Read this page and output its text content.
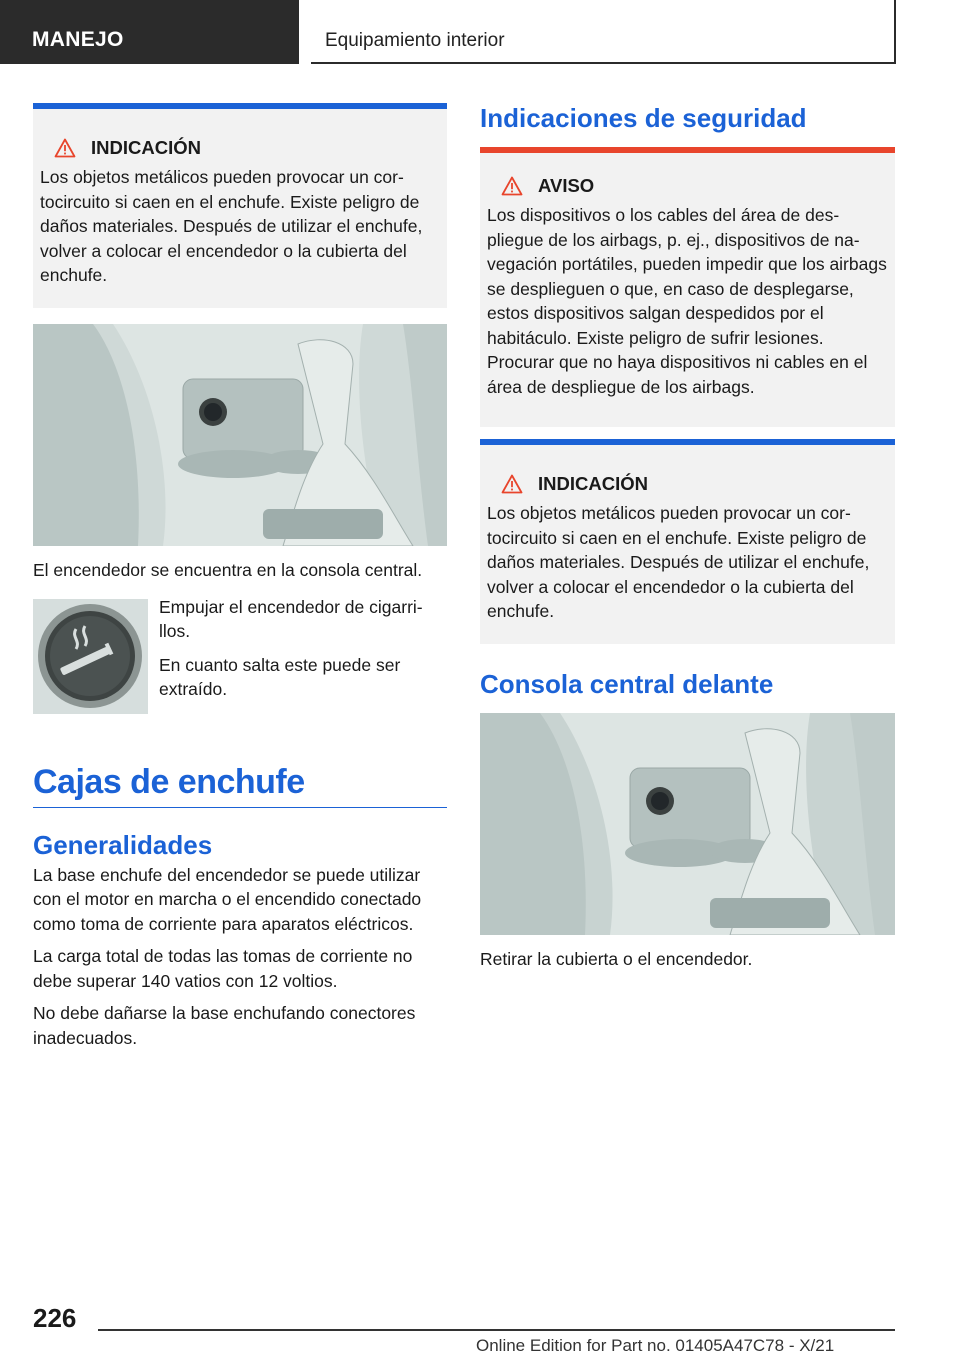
MANEJO	Equipamiento interior
INDICACIÓN

Los objetos metálicos pueden provocar un cortocircuito si caen en el enchufe. Existe peligro de daños materiales. Después de utilizar el enchufe, volver a colocar el encendedor o la cubierta del enchufe.

El encendedor se encuentra en la consola central.

Empujar el encendedor de cigarrillos.

En cuanto salta este puede ser extraído.

Cajas de enchufe
Generalidades

La base enchufe del encendedor se puede utilizar con el motor en marcha o el encendido conectado como toma de corriente para aparatos eléctricos.

La carga total de todas las tomas de corriente no debe superar 140 vatios con 12 voltios.

No debe dañarse la base enchufando conectores inadecuados.

Indicaciones de seguridad
AVISO

Los dispositivos o los cables del área de despliegue de los airbags, p. ej., dispositivos de navegación portátiles, pueden impedir que los airbags se desplieguen o que, en caso de desplegarse, estos dispositivos salgan despedidos por el habitáculo. Existe peligro de sufrir lesiones. Procurar que no haya dispositivos ni cables en el área de despliegue de los airbags.

INDICACIÓN

Los objetos metálicos pueden provocar un cortocircuito si caen en el enchufe. Existe peligro de daños materiales. Después de utilizar el enchufe, volver a colocar el encendedor o la cubierta del enchufe.

Consola central delante

Retirar la cubierta o el encendedor.

226
Online Edition for Part no. 01405A47C78 - X/21
